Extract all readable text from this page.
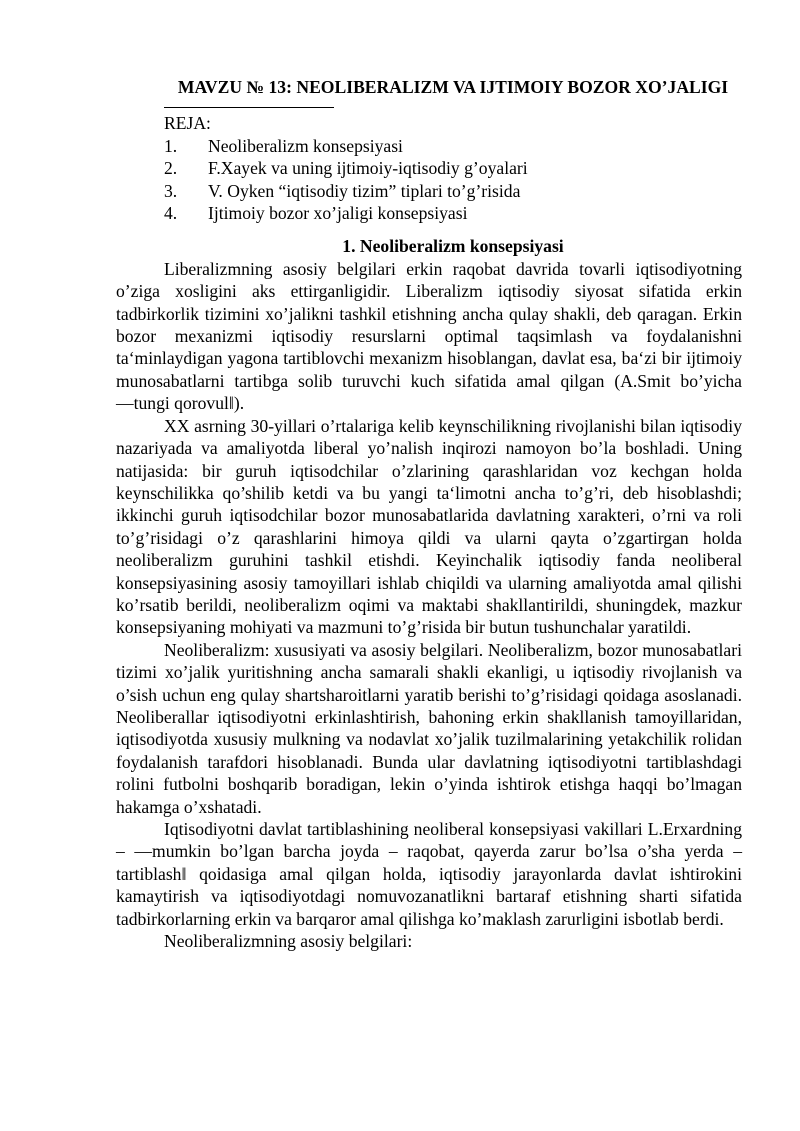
MAVZU № 13: NEOLIBERALIZM VA IJTIMOIY BOZOR XO’JALIGI
REJA:
1.	Neoliberalizm konsepsiyasi
2.	F.Xayek va uning ijtimoiy-iqtisodiy g’oyalari
3.	V. Oyken “iqtisodiy tizim” tiplari to’g’risida
4.	Ijtimoiy bozor xo’jaligi konsepsiyasi
1. Neoliberalizm konsepsiyasi

Liberalizmning asosiy belgilari erkin raqobat davrida tovarli iqtisodiyotning o’ziga xosligini aks ettirganligidir. Liberalizm iqtisodiy siyosat sifatida erkin tadbirkorlik tizimini xo’jalikni tashkil etishning ancha qulay shakli, deb qaragan. Erkin bozor mexanizmi iqtisodiy resurslarni optimal taqsimlash va foydalanishni ta‘minlaydigan yagona tartiblovchi mexanizm hisoblangan, davlat esa, ba‘zi bir ijtimoiy munosabatlarni tartibga solib turuvchi kuch sifatida amal qilgan (A.Smit bo’yicha ―tungi qorovul‖).

XX asrning 30-yillari o’rtalariga kelib keynschilikning rivojlanishi bilan iqtisodiy nazariyada va amaliyotda liberal yo’nalish inqirozi namoyon bo’la boshladi. Uning natijasida: bir guruh iqtisodchilar o’zlarining qarashlaridan voz kechgan holda keynschilikka qo’shilib ketdi va bu yangi ta‘limotni ancha to’g’ri, deb hisoblashdi; ikkinchi guruh iqtisodchilar bozor munosabatlarida davlatning xarakteri, o’rni va roli to’g’risidagi o’z qarashlarini himoya qildi va ularni qayta o’zgartirgan holda neoliberalizm guruhini tashkil etishdi. Keyinchalik iqtisodiy fanda neoliberal konsepsiyasining asosiy tamoyillari ishlab chiqildi va ularning amaliyotda amal qilishi ko’rsatib berildi, neoliberalizm oqimi va maktabi shakllantirildi, shuningdek, mazkur konsepsiyaning mohiyati va mazmuni to’g’risida bir butun tushunchalar yaratildi.

Neoliberalizm: xususiyati va asosiy belgilari. Neoliberalizm, bozor munosabatlari tizimi xo’jalik yuritishning ancha samarali shakli ekanligi, u iqtisodiy rivojlanish va o’sish uchun eng qulay shartsharoitlarni yaratib berishi to’g’risidagi qoidaga asoslanadi. Neoliberallar iqtisodiyotni erkinlashtirish, bahoning erkin shakllanish tamoyillaridan, iqtisodiyotda xususiy mulkning va nodavlat xo’jalik tuzilmalarining yetakchilik rolidan foydalanish tarafdori hisoblanadi. Bunda ular davlatning iqtisodiyotni tartiblashdagi rolini futbolni boshqarib boradigan, lekin o’yinda ishtirok etishga haqqi bo’lmagan hakamga o’xshatadi.

Iqtisodiyotni davlat tartiblashining neoliberal konsepsiyasi vakillari L.Erxardning – ―mumkin bo’lgan barcha joyda – raqobat, qayerda zarur bo’lsa o’sha yerda – tartiblash‖ qoidasiga amal qilgan holda, iqtisodiy jarayonlarda davlat ishtirokini kamaytirish va iqtisodiyotdagi nomuvozanatlikni bartaraf etishning sharti sifatida tadbirkorlarning erkin va barqaror amal qilishga ko’maklash zarurligini isbotlab berdi.

Neoliberalizmning asosiy belgilari:
